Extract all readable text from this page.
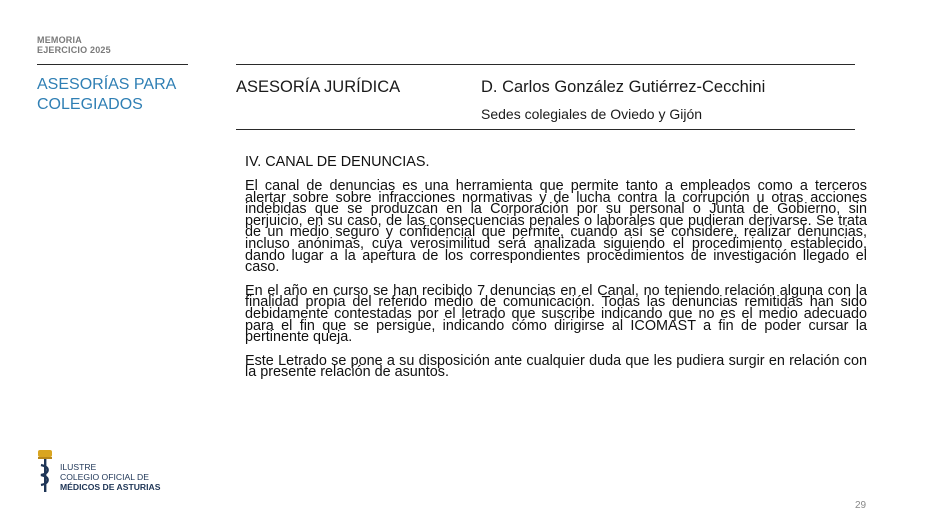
MEMORIA
EJERCICIO 2025
ASESORÍAS PARA
COLEGIADOS
ASESORÍA JURÍDICA	D. Carlos González Gutiérrez-Cecchini
Sedes colegiales de Oviedo y Gijón
IV. CANAL DE DENUNCIAS.

El canal de denuncias es una herramienta que permite tanto a empleados como a terceros alertar sobre sobre infracciones normativas y de lucha contra la corrupción u otras acciones indebidas que se produzcan en la Corporación por su personal o Junta de Gobierno, sin perjuicio, en su caso, de las consecuencias penales o laborales que pudieran derivarse. Se trata de un medio seguro y confidencial que permite, cuando así se considere, realizar denuncias, incluso anónimas, cuya verosimilitud será analizada siguiendo el procedimiento establecido, dando lugar a la apertura de los correspondientes procedimientos de investigación llegado el caso.

En el año en curso se han recibido 7 denuncias en el Canal, no teniendo relación alguna con la finalidad propia del referido medio de comunicación. Todas las denuncias remitidas han sido debidamente contestadas por el letrado que suscribe indicando que no es el medio adecuado para el fin que se persigue, indicando cómo dirigirse al ICOMAST a fin de poder cursar la pertinente queja.

Este Letrado se pone a su disposición ante cualquier duda que les pudiera surgir en relación con la presente relación de asuntos.

ILUSTRE
COLEGIO OFICIAL DE
MÉDICOS DE ASTURIAS
29
